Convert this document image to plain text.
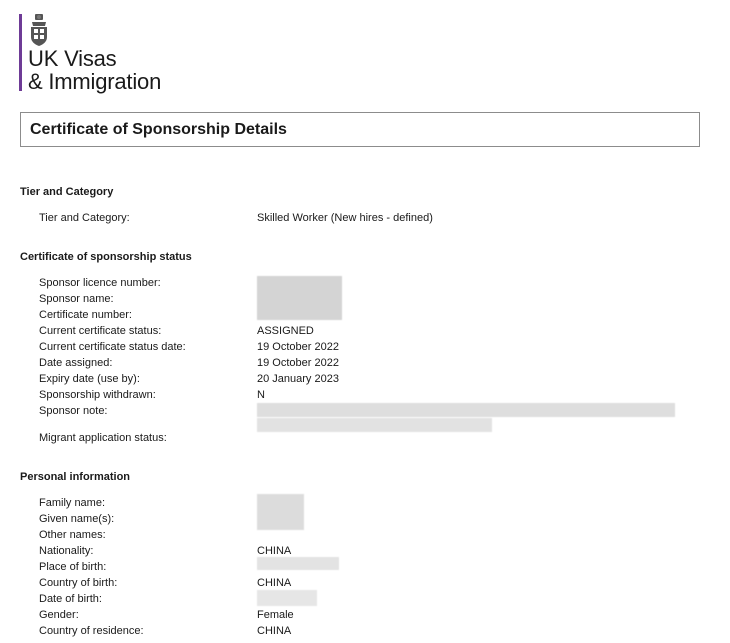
UK Visas
& Immigration
Certificate of Sponsorship Details
Tier and Category
Tier and Category:	Skilled Worker (New hires - defined)
Certificate of sponsorship status
Sponsor licence number:
Sponsor name:
Certificate number:
Current certificate status:	ASSIGNED
Current certificate status date:	19 October 2022
Date assigned:	19 October 2022
Expiry date (use by):	20 January 2023
Sponsorship withdrawn:	N
Sponsor note:
Migrant application status:
Personal information
Family name:
Given name(s):
Other names:
Nationality:	CHINA
Place of birth:
Country of birth:	CHINA
Date of birth:
Gender:	Female
Country of residence:	CHINA
